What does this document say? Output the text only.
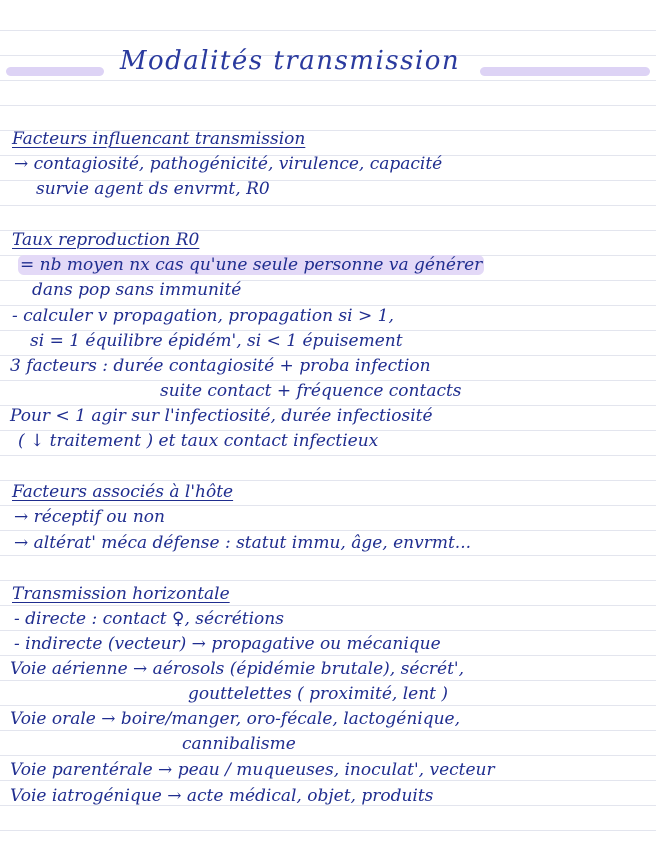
Modalités transmission
Facteurs influencant transmission
→ contagiosité, pathogénicité, virulence, capacité
survie agent ds envrmt, R0
Taux reproduction R0
= nb moyen nx cas qu'une seule personne va générer
dans pop sans immunité
- calculer v propagation, propagation si > 1,
si = 1 équilibre épidém', si < 1 épuisement
3 facteurs : durée contagiosité + proba infection
suite contact + fréquence contacts
Pour < 1 agir sur l'infectiosité, durée infectiosité
( ↓ traitement ) et taux contact infectieux
Facteurs associés à l'hôte
→ réceptif ou non
→ altérat' méca défense : statut immu, âge, envrmt...
Transmission horizontale
- directe : contact ♀, sécrétions
- indirecte (vecteur) → propagative ou mécanique
Voie aérienne → aérosols (épidémie brutale), sécrét',
gouttelettes ( proximité, lent )
Voie orale → boire/manger, oro-fécale, lactogénique,
cannibalisme
Voie parentérale → peau / muqueuses, inoculat', vecteur
Voie iatrogénique → acte médical, objet, produits
